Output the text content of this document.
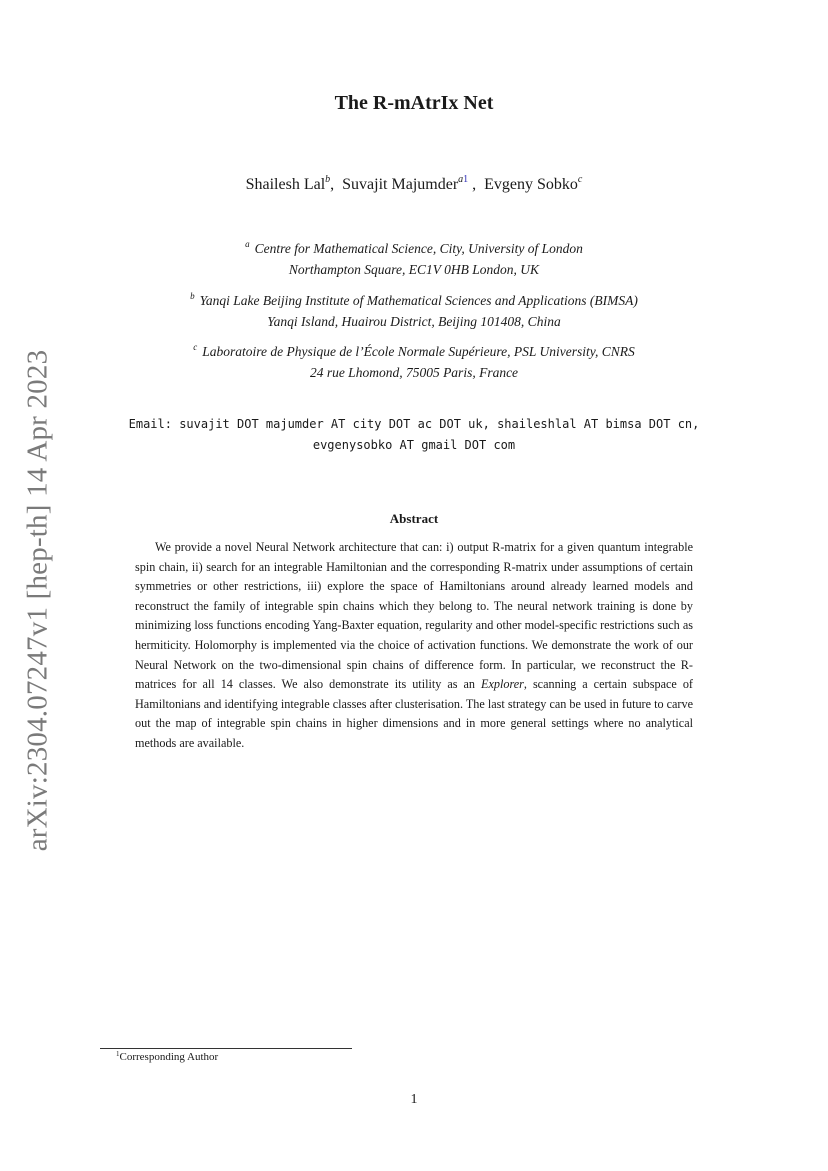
arXiv:2304.07247v1 [hep-th] 14 Apr 2023
The R-mAtrIx Net
Shailesh Lal$^b$,  Suvajit Majumder$^{a1}$ ,  Evgeny Sobko$^c$
$^a$ Centre for Mathematical Science, City, University of London
Northampton Square, EC1V 0HB London, UK
$^b$ Yanqi Lake Beijing Institute of Mathematical Sciences and Applications (BIMSA)
Yanqi Island, Huairou District, Beijing 101408, China
$^c$ Laboratoire de Physique de l’École Normale Supérieure, PSL University, CNRS
24 rue Lhomond, 75005 Paris, France
Email: suvajit DOT majumder AT city DOT ac DOT uk, shaileshlal AT bimsa DOT cn,
evgenysobko AT gmail DOT com
Abstract
We provide a novel Neural Network architecture that can: i) output R-matrix for a given quantum integrable spin chain, ii) search for an integrable Hamiltonian and the corresponding R-matrix under assumptions of certain symmetries or other restrictions, iii) explore the space of Hamiltonians around already learned models and reconstruct the family of integrable spin chains which they belong to. The neural network training is done by minimizing loss functions encoding Yang-Baxter equation, regularity and other model-specific restrictions such as hermiticity. Holomorphy is implemented via the choice of activation functions. We demonstrate the work of our Neural Network on the two-dimensional spin chains of difference form. In particular, we reconstruct the R-matrices for all 14 classes. We also demonstrate its utility as an Explorer, scanning a certain subspace of Hamiltonians and identifying integrable classes after clusterisation. The last strategy can be used in future to carve out the map of integrable spin chains in higher dimensions and in more general settings where no analytical methods are available.
$^1$Corresponding Author
1
